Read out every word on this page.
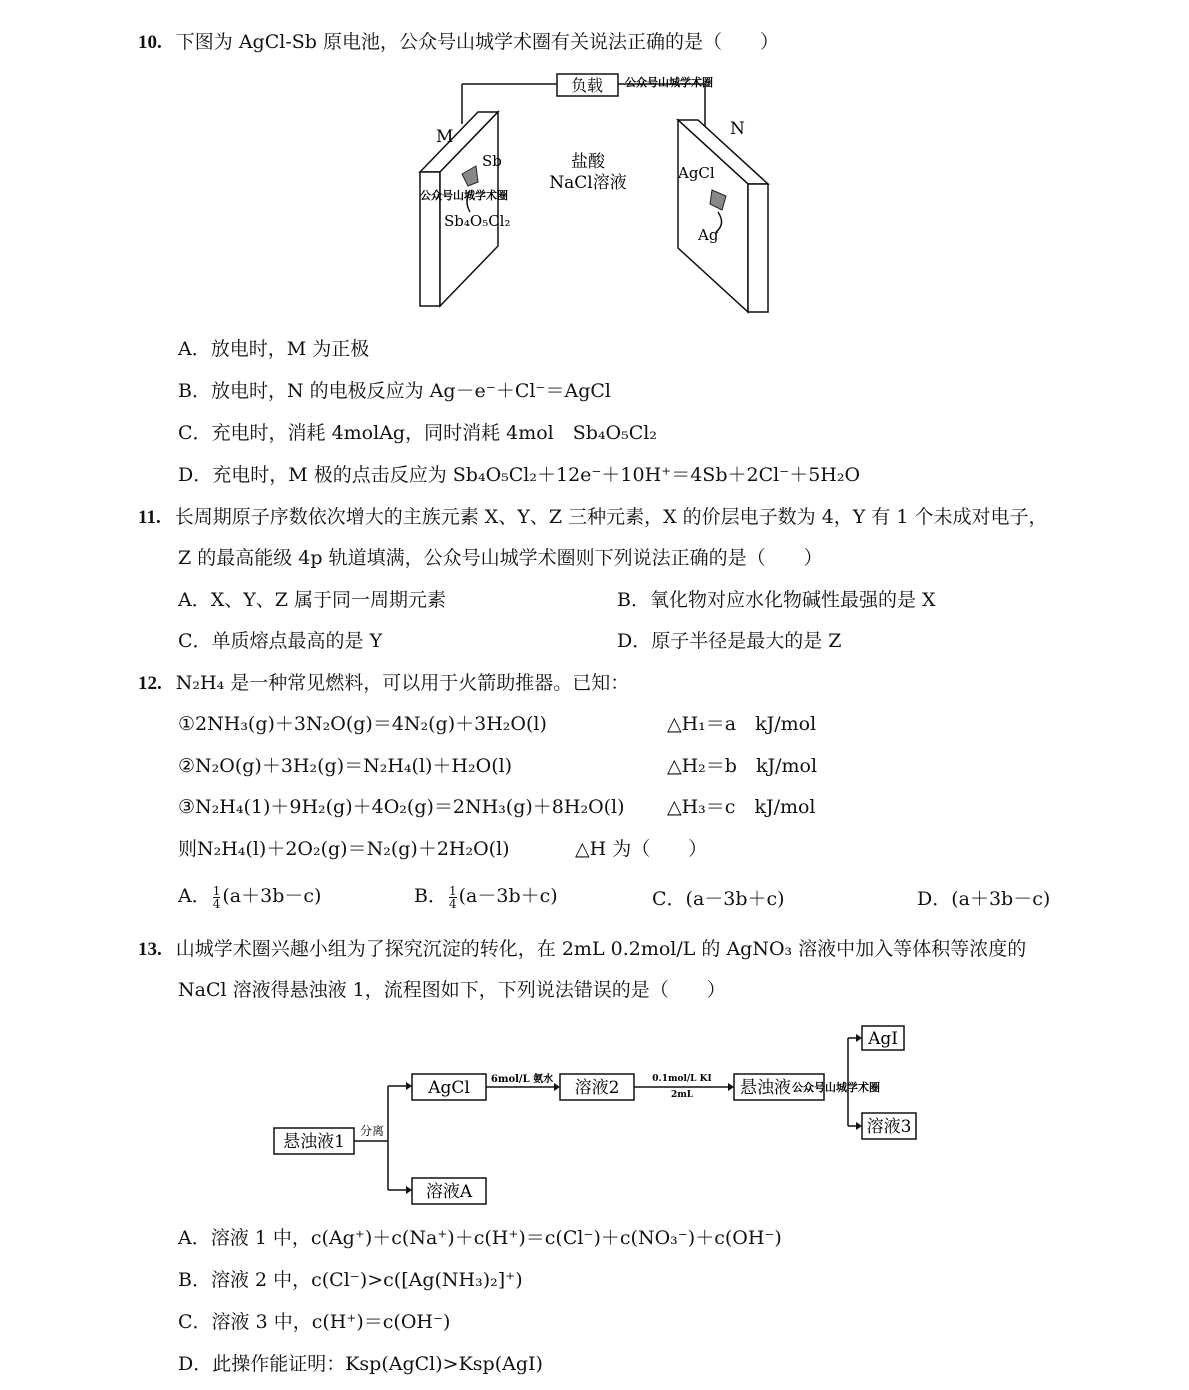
10. 下图为 AgCl-Sb 原电池，公众号山城学术圈有关说法正确的是（　　）
负载 公众号山城学术圈
M
Sb
公众号山城学术圈
Sb₄O₅Cl₂
盐酸
NaCl溶液
N
AgCl
Ag
A．放电时，M 为正极
B．放电时，N 的电极反应为 Ag－e⁻＋Cl⁻＝AgCl
C．充电时，消耗 4molAg，同时消耗 4mol　Sb₄O₅Cl₂
D．充电时，M 极的点击反应为 Sb₄O₅Cl₂＋12e⁻＋10H⁺＝4Sb＋2Cl⁻＋5H₂O
11. 长周期原子序数依次增大的主族元素 X、Y、Z 三种元素，X 的价层电子数为 4，Y 有 1 个未成对电子，
Z 的最高能级 4p 轨道填满，公众号山城学术圈则下列说法正确的是（　　）
A．X、Y、Z 属于同一周期元素	B．氧化物对应水化物碱性最强的是 X
C．单质熔点最高的是 Y	D．原子半径是最大的是 Z
12. N₂H₄ 是一种常见燃料，可以用于火箭助推器。已知：
①2NH₃(g)＋3N₂O(g)＝4N₂(g)＋3H₂O(l)	△H₁＝a　kJ/mol
②N₂O(g)＋3H₂(g)＝N₂H₄(l)＋H₂O(l)	△H₂＝b　kJ/mol
③N₂H₄(1)＋9H₂(g)＋4O₂(g)＝2NH₃(g)＋8H₂O(l) △H₃＝c　kJ/mol
则N₂H₄(l)＋2O₂(g)＝N₂(g)＋2H₂O(l)	△H 为（　　）
A． $\frac{1}{4} (a+3b-c)$	B． $\frac{1}{4} (a-3b+c)$	C．(a－3b＋c)	D．(a＋3b－c)
13. 山城学术圈兴趣小组为了探究沉淀的转化，在 2mL 0.2mol/L 的 AgNO₃ 溶液中加入等体积等浓度的
NaCl 溶液得悬浊液 1，流程图如下，下列说法错误的是（　　）
悬浊液1
分离
AgCl
溶液A
6mol/L 氨水 溶液2	0.1mol/L KI
2mL	悬浊液 公众号山城学术圈
AgI
溶液3
A．溶液 1 中，c(Ag⁺)＋c(Na⁺)＋c(H⁺)＝c(Cl⁻)＋c(NO₃⁻)＋c(OH⁻)
B．溶液 2 中，c(Cl⁻)>c([Ag(NH₃)₂]⁺)
C．溶液 3 中，c(H⁺)＝c(OH⁻)
D．此操作能证明：Ksp(AgCl)>Ksp(AgI)
